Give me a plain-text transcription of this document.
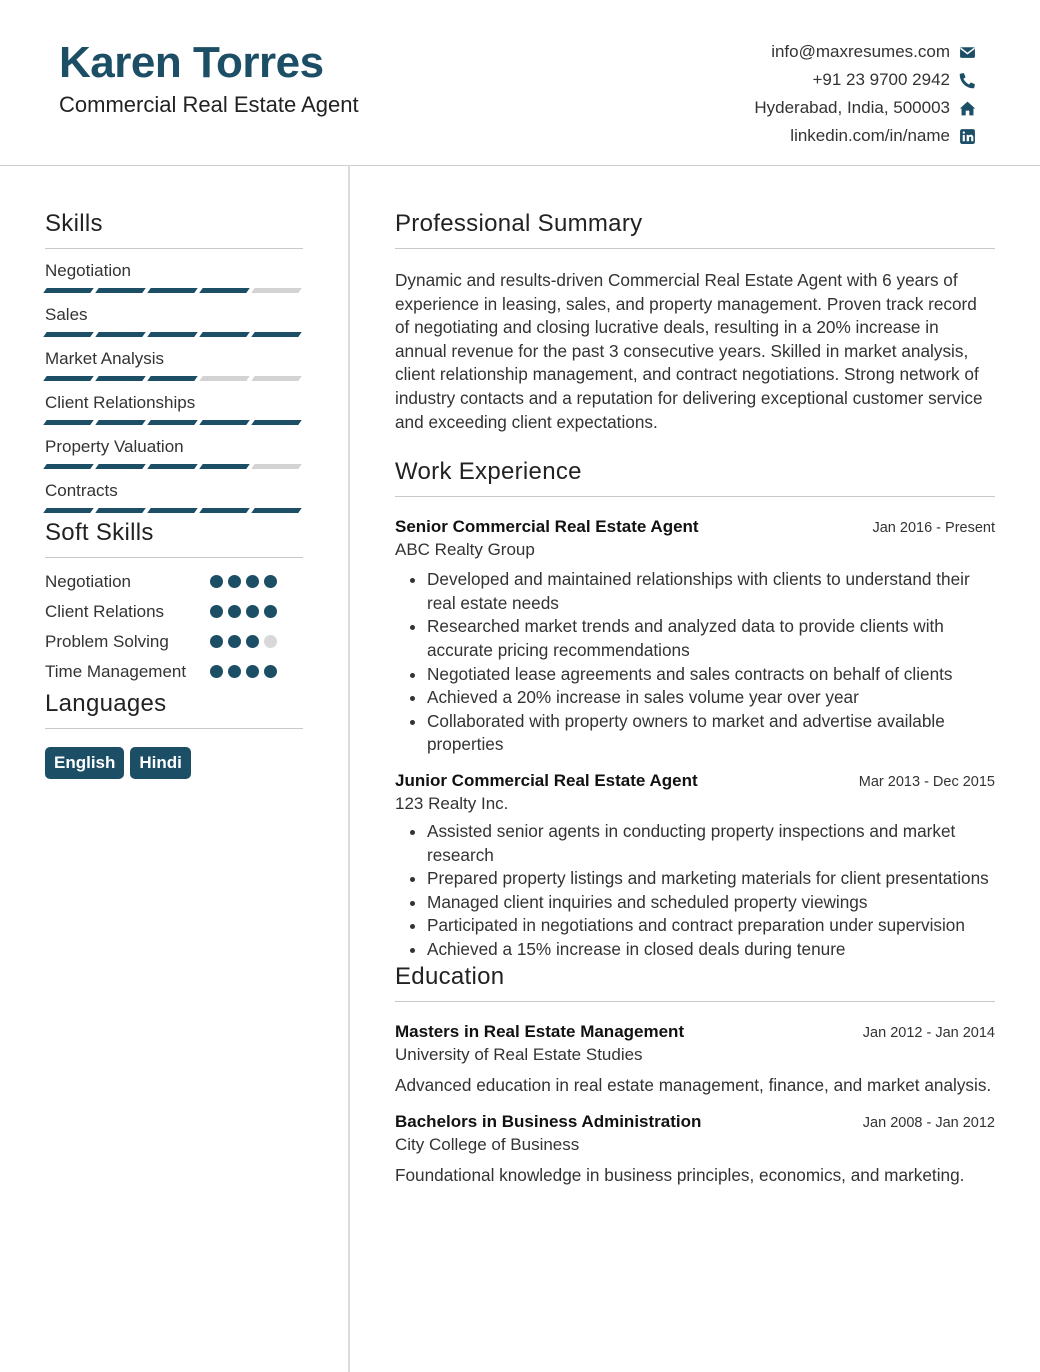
Karen Torres
Commercial Real Estate Agent
info@maxresumes.com
+91 23 9700 2942
Hyderabad, India, 500003
linkedin.com/in/name
Skills
Negotiation
Sales
Market Analysis
Client Relationships
Property Valuation
Contracts
Soft Skills
Negotiation
Client Relations
Problem Solving
Time Management
Languages
English	Hindi
Professional Summary
Dynamic and results-driven Commercial Real Estate Agent with 6 years of experience in leasing, sales, and property management. Proven track record of negotiating and closing lucrative deals, resulting in a 20% increase in annual revenue for the past 3 consecutive years. Skilled in market analysis, client relationship management, and contract negotiations. Strong network of industry contacts and a reputation for delivering exceptional customer service and exceeding client expectations.
Work Experience
Senior Commercial Real Estate Agent	Jan 2016 - Present
ABC Realty Group
• Developed and maintained relationships with clients to understand their real estate needs
• Researched market trends and analyzed data to provide clients with accurate pricing recommendations
• Negotiated lease agreements and sales contracts on behalf of clients
• Achieved a 20% increase in sales volume year over year
• Collaborated with property owners to market and advertise available properties
Junior Commercial Real Estate Agent	Mar 2013 - Dec 2015
123 Realty Inc.
• Assisted senior agents in conducting property inspections and market research
• Prepared property listings and marketing materials for client presentations
• Managed client inquiries and scheduled property viewings
• Participated in negotiations and contract preparation under supervision
• Achieved a 15% increase in closed deals during tenure
Education
Masters in Real Estate Management	Jan 2012 - Jan 2014
University of Real Estate Studies
Advanced education in real estate management, finance, and market analysis.
Bachelors in Business Administration	Jan 2008 - Jan 2012
City College of Business
Foundational knowledge in business principles, economics, and marketing.
